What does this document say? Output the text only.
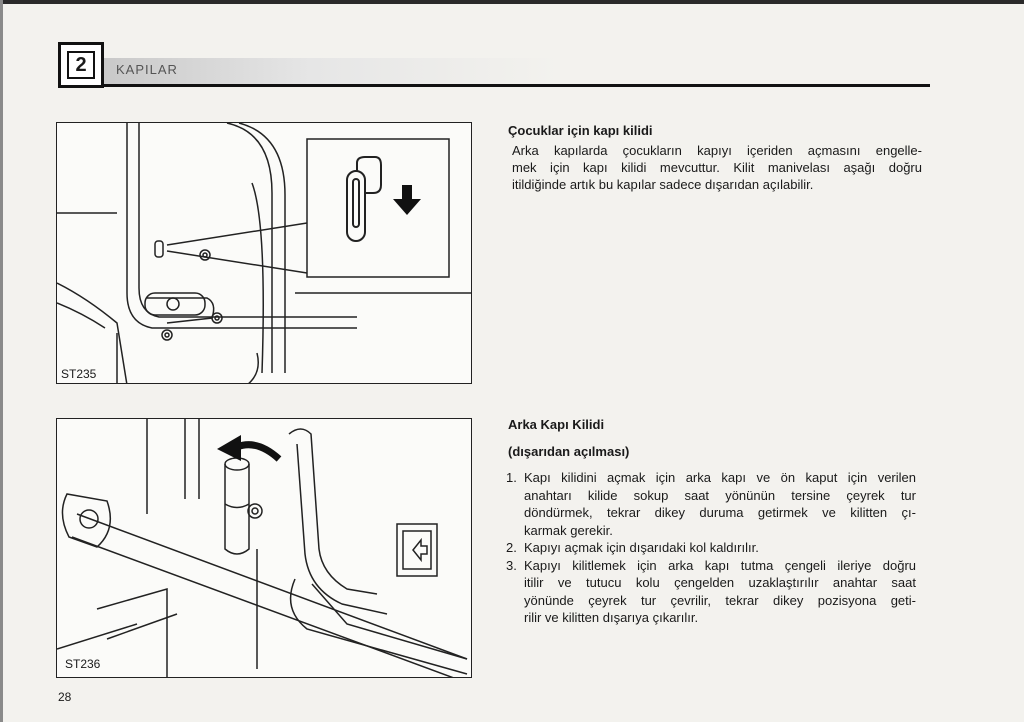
2	KAPILAR
ST235
ST236
Çocuklar için kapı kilidi
Arka kapılarda çocukların kapıyı içeriden açmasını engelle-
mek için kapı kilidi mevcuttur. Kilit manivelası aşağı doğru
itildiğinde artık bu kapılar sadece dışarıdan açılabilir.
Arka Kapı Kilidi
(dışarıdan açılması)
1. Kapı kilidini açmak için arka kapı ve ön kaput için verilen
anahtarı kilide sokup saat yönünün tersine çeyrek tur
döndürmek, tekrar dikey duruma getirmek ve kilitten çı-
karmak gerekir.
2. Kapıyı açmak için dışarıdaki kol kaldırılır.
3. Kapıyı kilitlemek için arka kapı tutma çengeli ileriye doğru
itilir ve tutucu kolu çengelden uzaklaştırılır anahtar saat
yönünde çeyrek tur çevrilir, tekrar dikey pozisyona geti-
rilir ve kilitten dışarıya çıkarılır.
28
